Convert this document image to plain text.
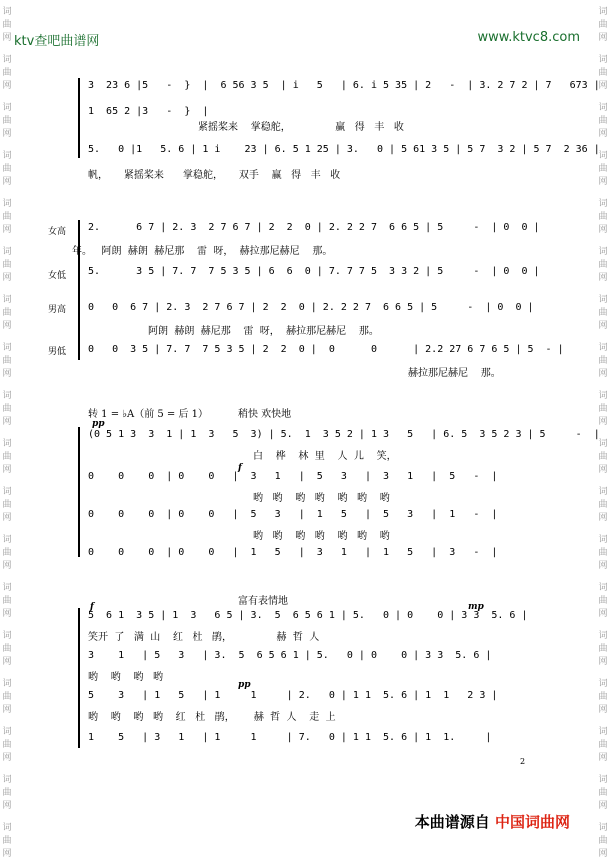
ktv查吧曲谱网	www.ktvc8.com
词
曲
网
词
曲
网
词
曲
网
词
曲
网
词
曲
网
词
曲
网
词
曲
网
词
曲
网
词
曲
网
词
曲
网
词
曲
网
词
曲
网
词
曲
网
词
曲
网
词
曲
网
词
曲
网
词
曲
网
词
曲
网
词
曲
网
词
曲
网
词
曲
网
词
曲
网
词
曲
网
词
曲
网
词
曲
网
词
曲
网
词
曲
网
词
曲
网
词
曲
网
词
曲
网
词
曲
网
词
曲
网
词
曲
网
词
曲
网
词
曲
网
词
曲
网
3  23 6 |5   -  }  |  6 56 3 5  | i   5   | 6. i 5 35 | 2   -  | 3. 2 7 2 | 7   673 |
1  65 2 |3   -  }  |
5.   0 |1   5. 6 | 1 i    23 | 6. 5 1 25 | 3.   0 | 5 61 3 5 | 5 7  3 2 | 5 7  2 36 |
紧摇桨来    掌稳舵，              赢   得   丰   收
帆，     紧摇桨来      掌稳舵，     双手    赢   得   丰   收
女高
女低
男高
男低
2.      6 7 | 2. 3  2 7 6 7 | 2  2  0 | 2. 2 2 7  6 6 5 | 5     -  | 0  0 |
年。   阿朗  赫朗  赫尼那    雷  呀，  赫拉那尼赫尼    那。
5.      3 5 | 7. 7  7 5 3 5 | 6  6  0 | 7. 7 7 5  3 3 2 | 5     -  | 0  0 |
0   0  6 7 | 2. 3  2 7 6 7 | 2  2  0 | 2. 2 2 7  6 6 5 | 5     -  | 0  0 |
阿朗  赫朗  赫尼那    雷  呀，  赫拉那尼赫尼    那。
0   0  3 5 | 7. 7  7 5 3 5 | 2  2  0 |  0      0      | 2.2 27 6 7 6 5 | 5  - |
赫拉那尼赫尼    那。
转 1 = ♭A（前 5 = 后 1）	稍快 欢快地
pp
(0 5 1 3  3  1 | 1  3   5  3) | 5.  1  3 5 2 | 1 3   5   | 6. 5  3 5 2 3 | 5     -  |
白    桦    林  里    人  儿    笑，
f
0    0    0  | 0    0   |  3   1   |  5   3   |  3   1   |  5   -  |
哟   哟    哟   哟    哟   哟    哟
0    0    0  | 0    0   |  5   3   |  1   5   |  5   3   |  1   -  |
哟   哟    哟   哟    哟   哟    哟
0    0    0  | 0    0   |  1   5   |  3   1   |  1   5   |  3   -  |
富有表情地
f	mp
5  6 1  3 5 | 1  3   6 5 | 3.  5  6 5 6 1 | 5.   0 | 0    0 | 3 3  5. 6 |
笑开  了   满  山    红   杜   鹃，              赫  哲  人
3    1   | 5   3   | 3.  5  6 5 6 1 | 5.   0 | 0    0 | 3 3  5. 6 |
哟    哟    哟   哟
pp
5    3   | 1   5   | 1     1     | 2.   0 | 1 1  5. 6 | 1  1   2 3 |
哟    哟    哟   哟    红   杜   鹃，      赫  哲  人    走  上
1    5   | 3   1   | 1     1     | 7.   0 | 1 1  5. 6 | 1  1.     |
2
本曲谱源自 中国词曲网
